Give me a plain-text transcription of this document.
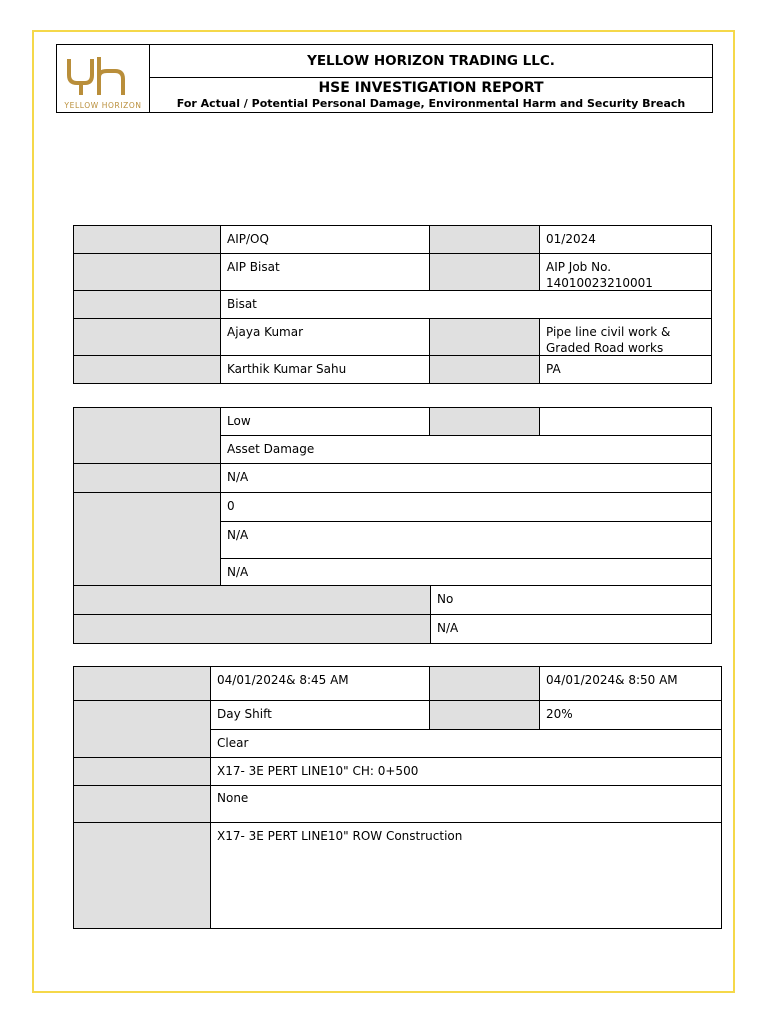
YELLOW HORIZON
YELLOW HORIZON TRADING LLC.
HSE INVESTIGATION REPORT
For Actual / Potential Personal Damage, Environmental Harm and Security Breach
AIP/OQ	01/2024
AIP Bisat	AIP Job No.
14010023210001
Bisat
Ajaya Kumar	Pipe line civil work &
Graded Road works
Karthik Kumar Sahu	PA
Low
Asset Damage
N/A
0
N/A
N/A
No
N/A
04/01/2024& 8:45 AM	04/01/2024& 8:50 AM
Day Shift	20%
Clear
X17- 3E PERT LINE10" CH: 0+500
None
X17- 3E PERT LINE10" ROW Construction
